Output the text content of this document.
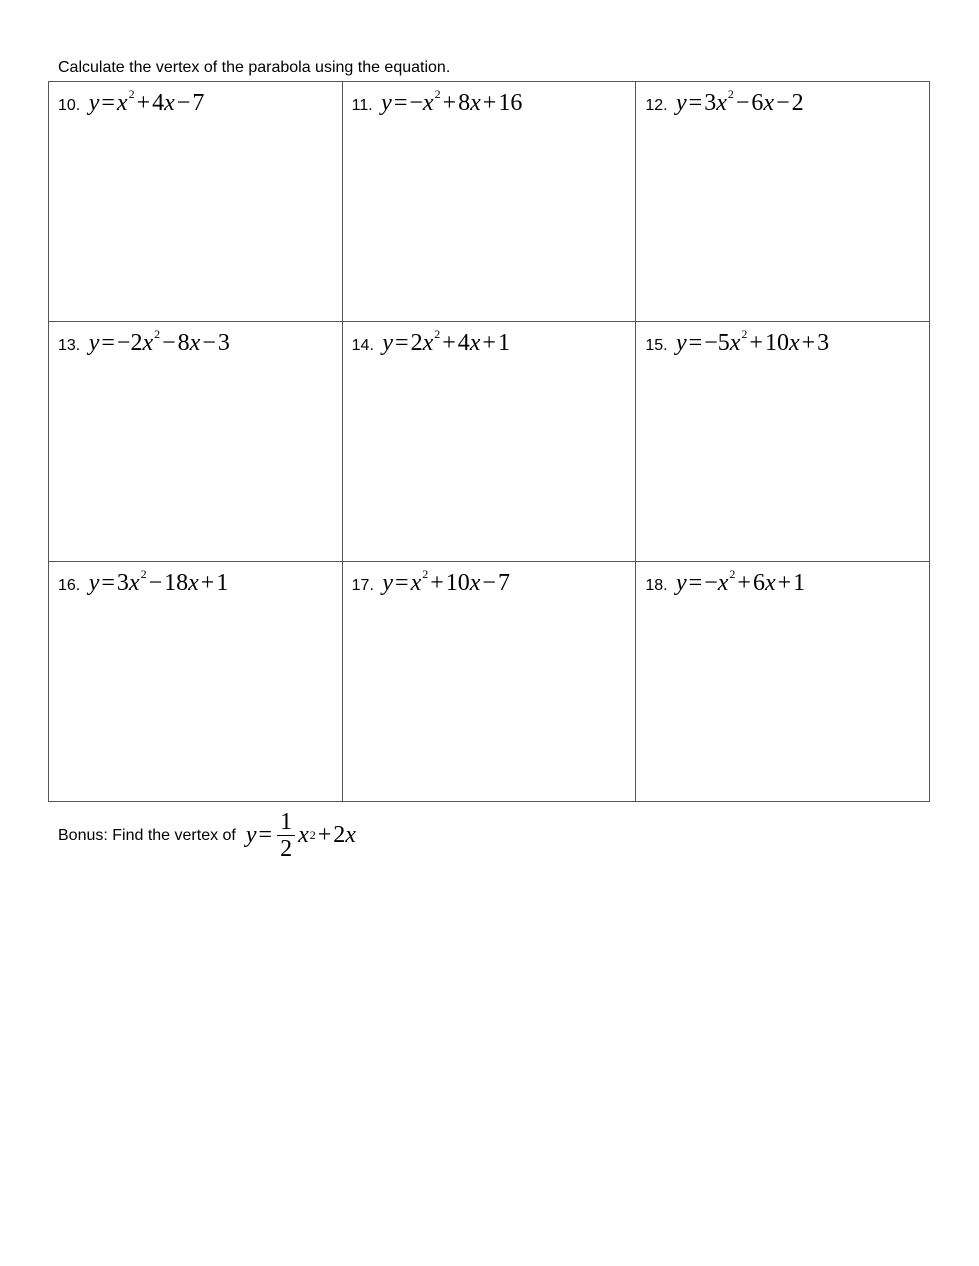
Calculate the vertex of the parabola using the equation.
10. $y=x^2+4x-7$	11. $y=-x^2+8x+16$	12. $y=3x^2-6x-2$

13. $y=-2x^2-8x-3$	14. $y=2x^2+4x+1$	15. $y=-5x^2+10x+3$

16. $y=3x^2-18x+1$	17. $y=x^2+10x-7$	18. $y=-x^2+6x+1$
Bonus: Find the vertex of $y = \frac{1}{2}$ x 2 +2x
